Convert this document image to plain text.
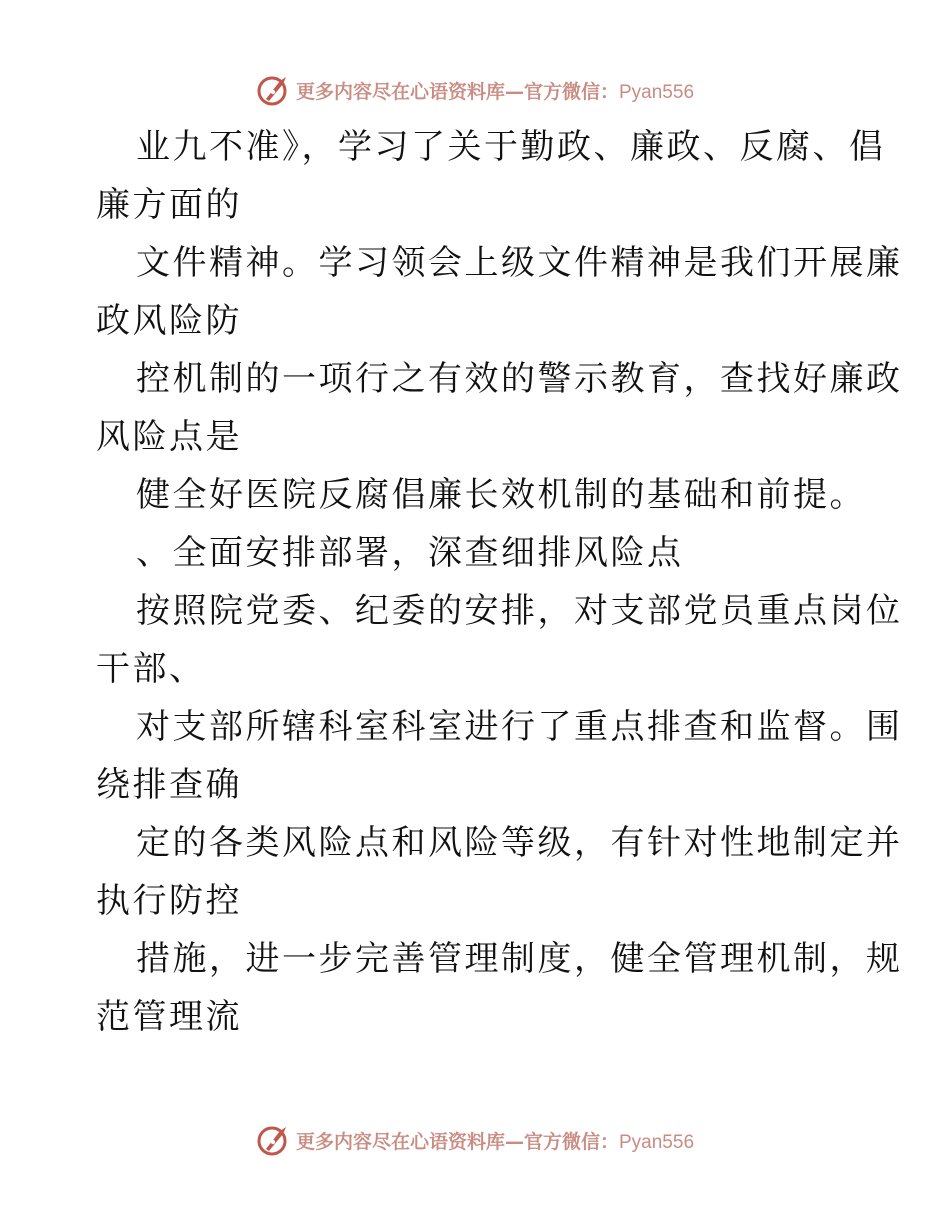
更多内容尽在心语资料库—官方微信：Pyan556

业九不准》，学习了关于勤政、廉政、反腐、倡
廉方面的

文件精神。学习领会上级文件精神是我们开展廉
政风险防

控机制的一项行之有效的警示教育，查找好廉政
风险点是

健全好医院反腐倡廉长效机制的基础和前提。

、全面安排部署，深查细排风险点

按照院党委、纪委的安排，对支部党员重点岗位
干部、

对支部所辖科室科室进行了重点排查和监督。围
绕排查确

定的各类风险点和风险等级，有针对性地制定并
执行防控

措施，进一步完善管理制度，健全管理机制，规
范管理流

更多内容尽在心语资料库—官方微信：Pyan556
